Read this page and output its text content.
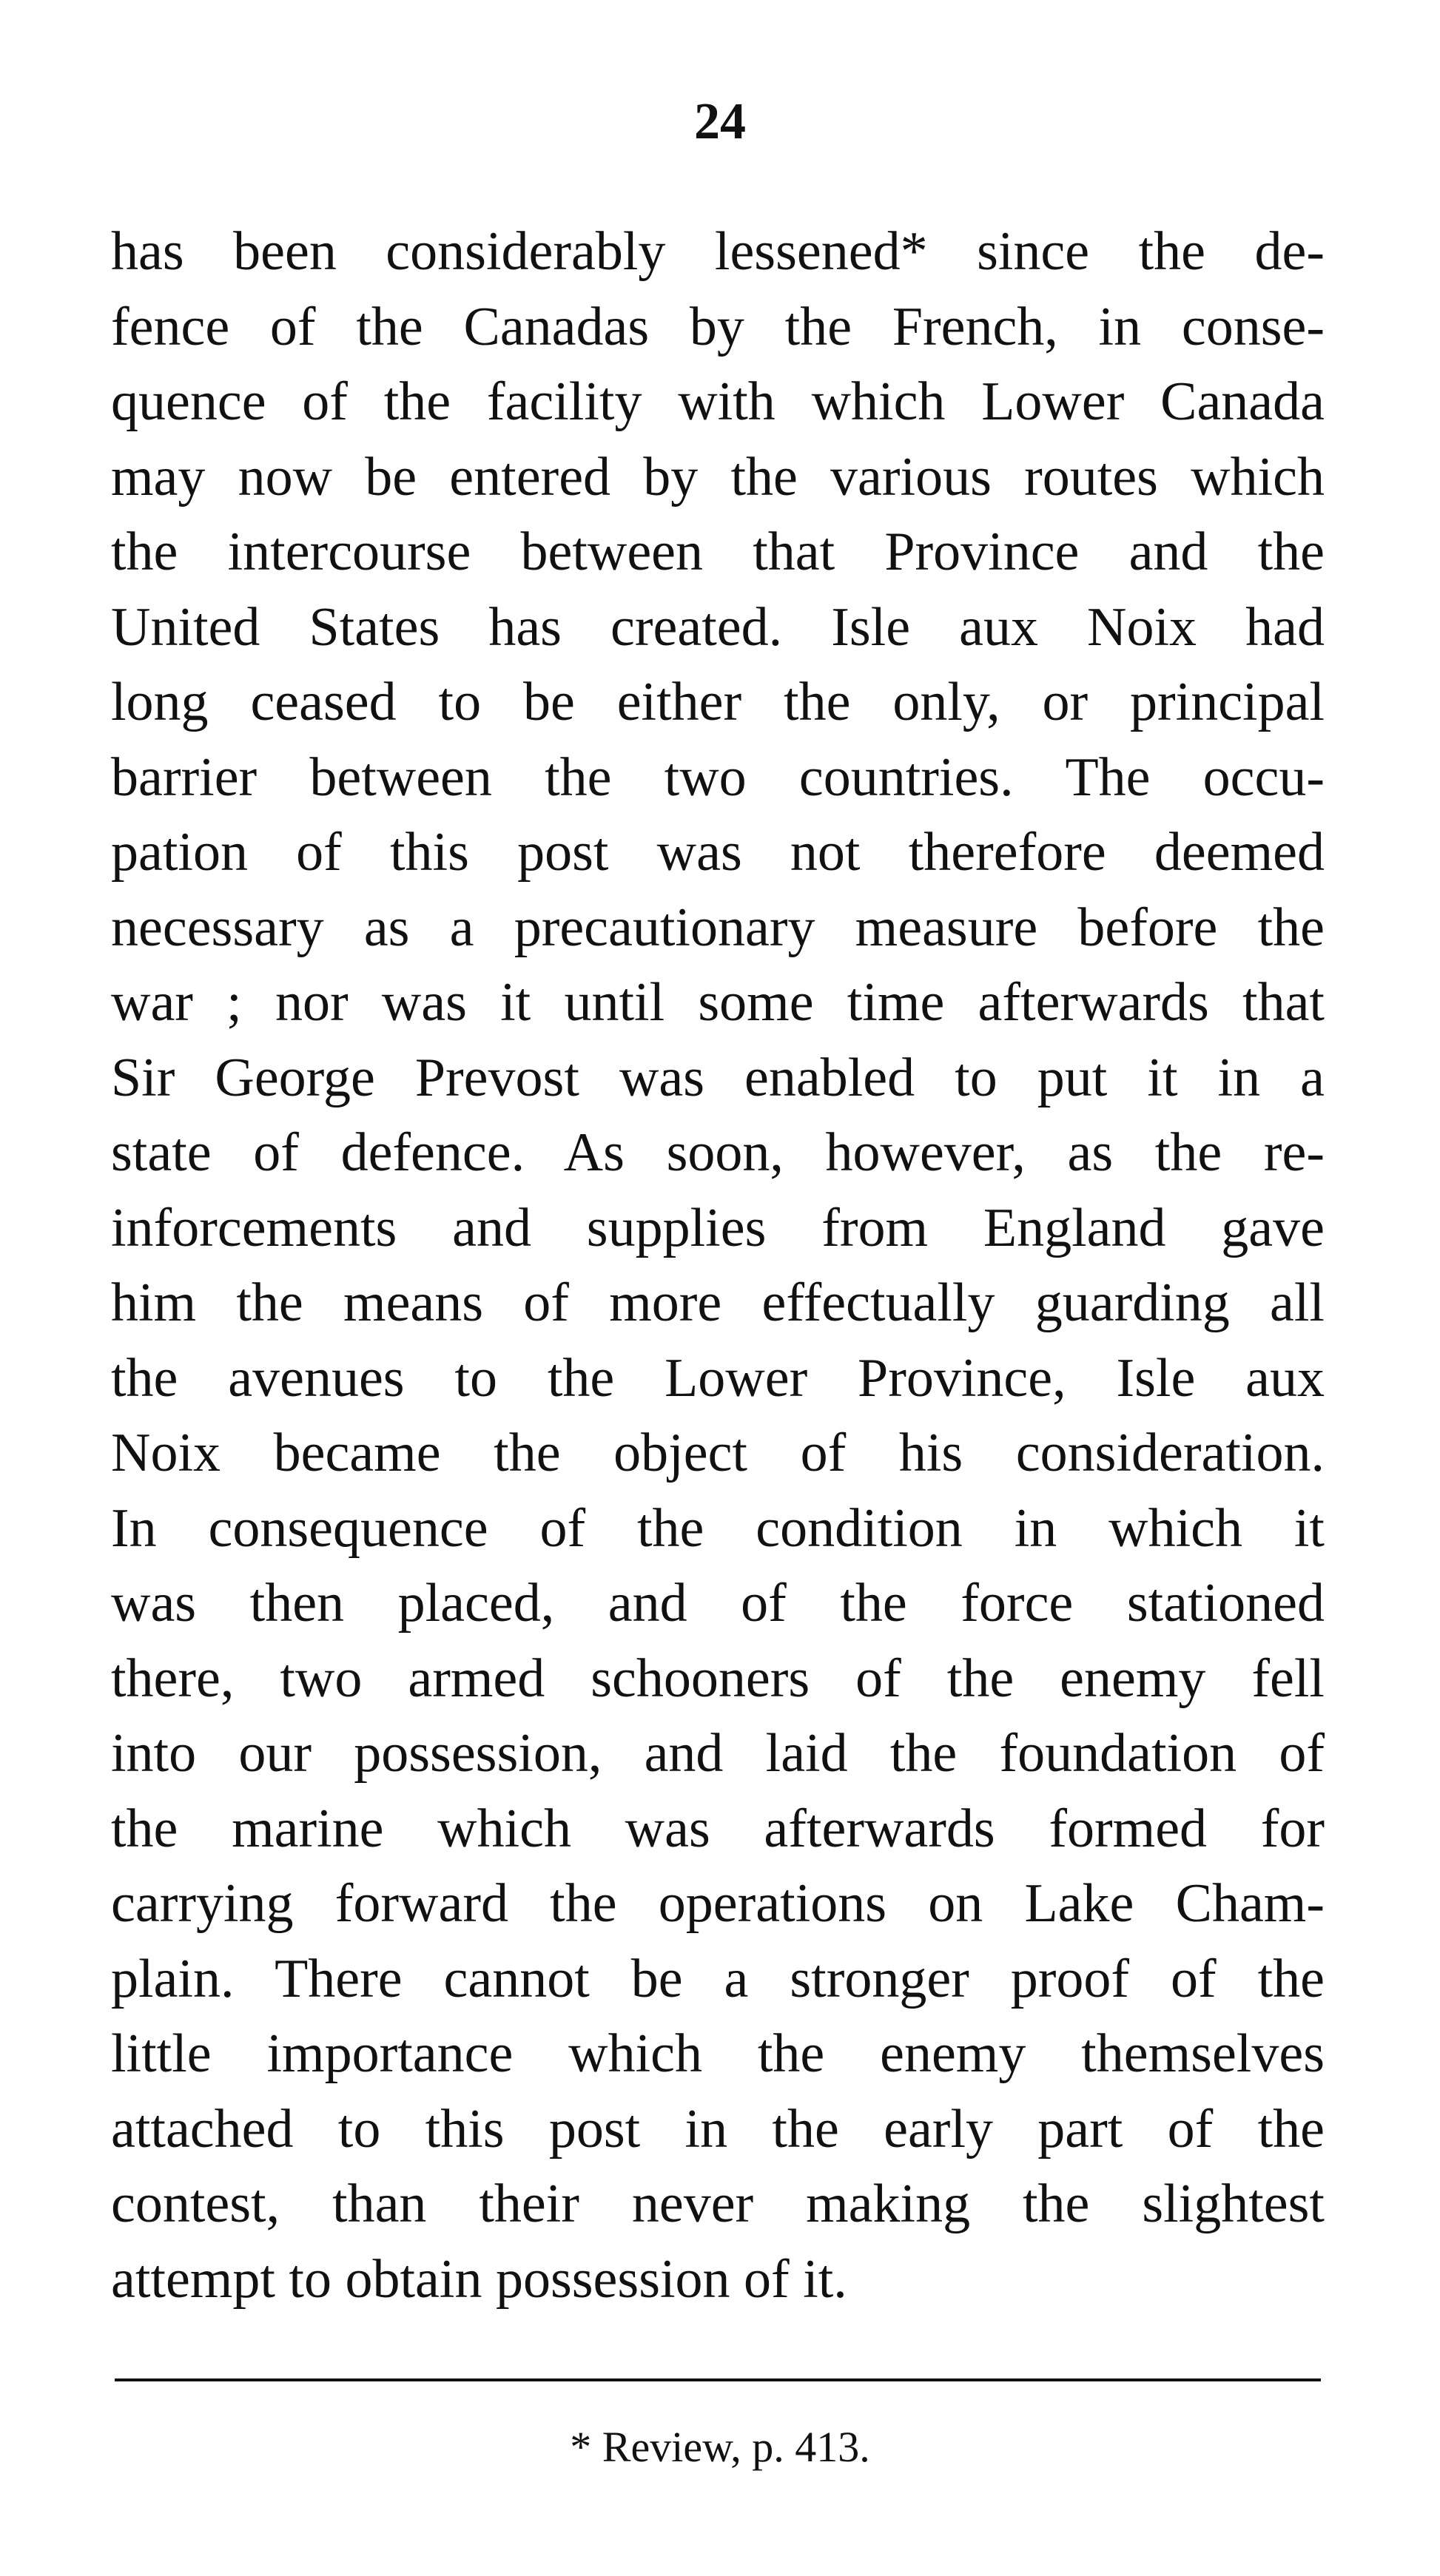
24
has been considerably lessened* since the de-
fence of the Canadas by the French, in conse-
quence of the facility with which Lower Canada
may now be entered by the various routes which
the intercourse between that Province and the
United States has created. Isle aux Noix had
long ceased to be either the only, or principal
barrier between the two countries. The occu-
pation of this post was not therefore deemed
necessary as a precautionary measure before the
war ; nor was it until some time afterwards that
Sir George Prevost was enabled to put it in a
state of defence. As soon, however, as the re-
inforcements and supplies from England gave
him the means of more effectually guarding all
the avenues to the Lower Province, Isle aux
Noix became the object of his consideration.
In consequence of the condition in which it
was then placed, and of the force stationed
there, two armed schooners of the enemy fell
into our possession, and laid the foundation of
the marine which was afterwards formed for
carrying forward the operations on Lake Cham-
plain. There cannot be a stronger proof of the
little importance which the enemy themselves
attached to this post in the early part of the
contest, than their never making the slightest
attempt to obtain possession of it.
* Review, p. 413.
